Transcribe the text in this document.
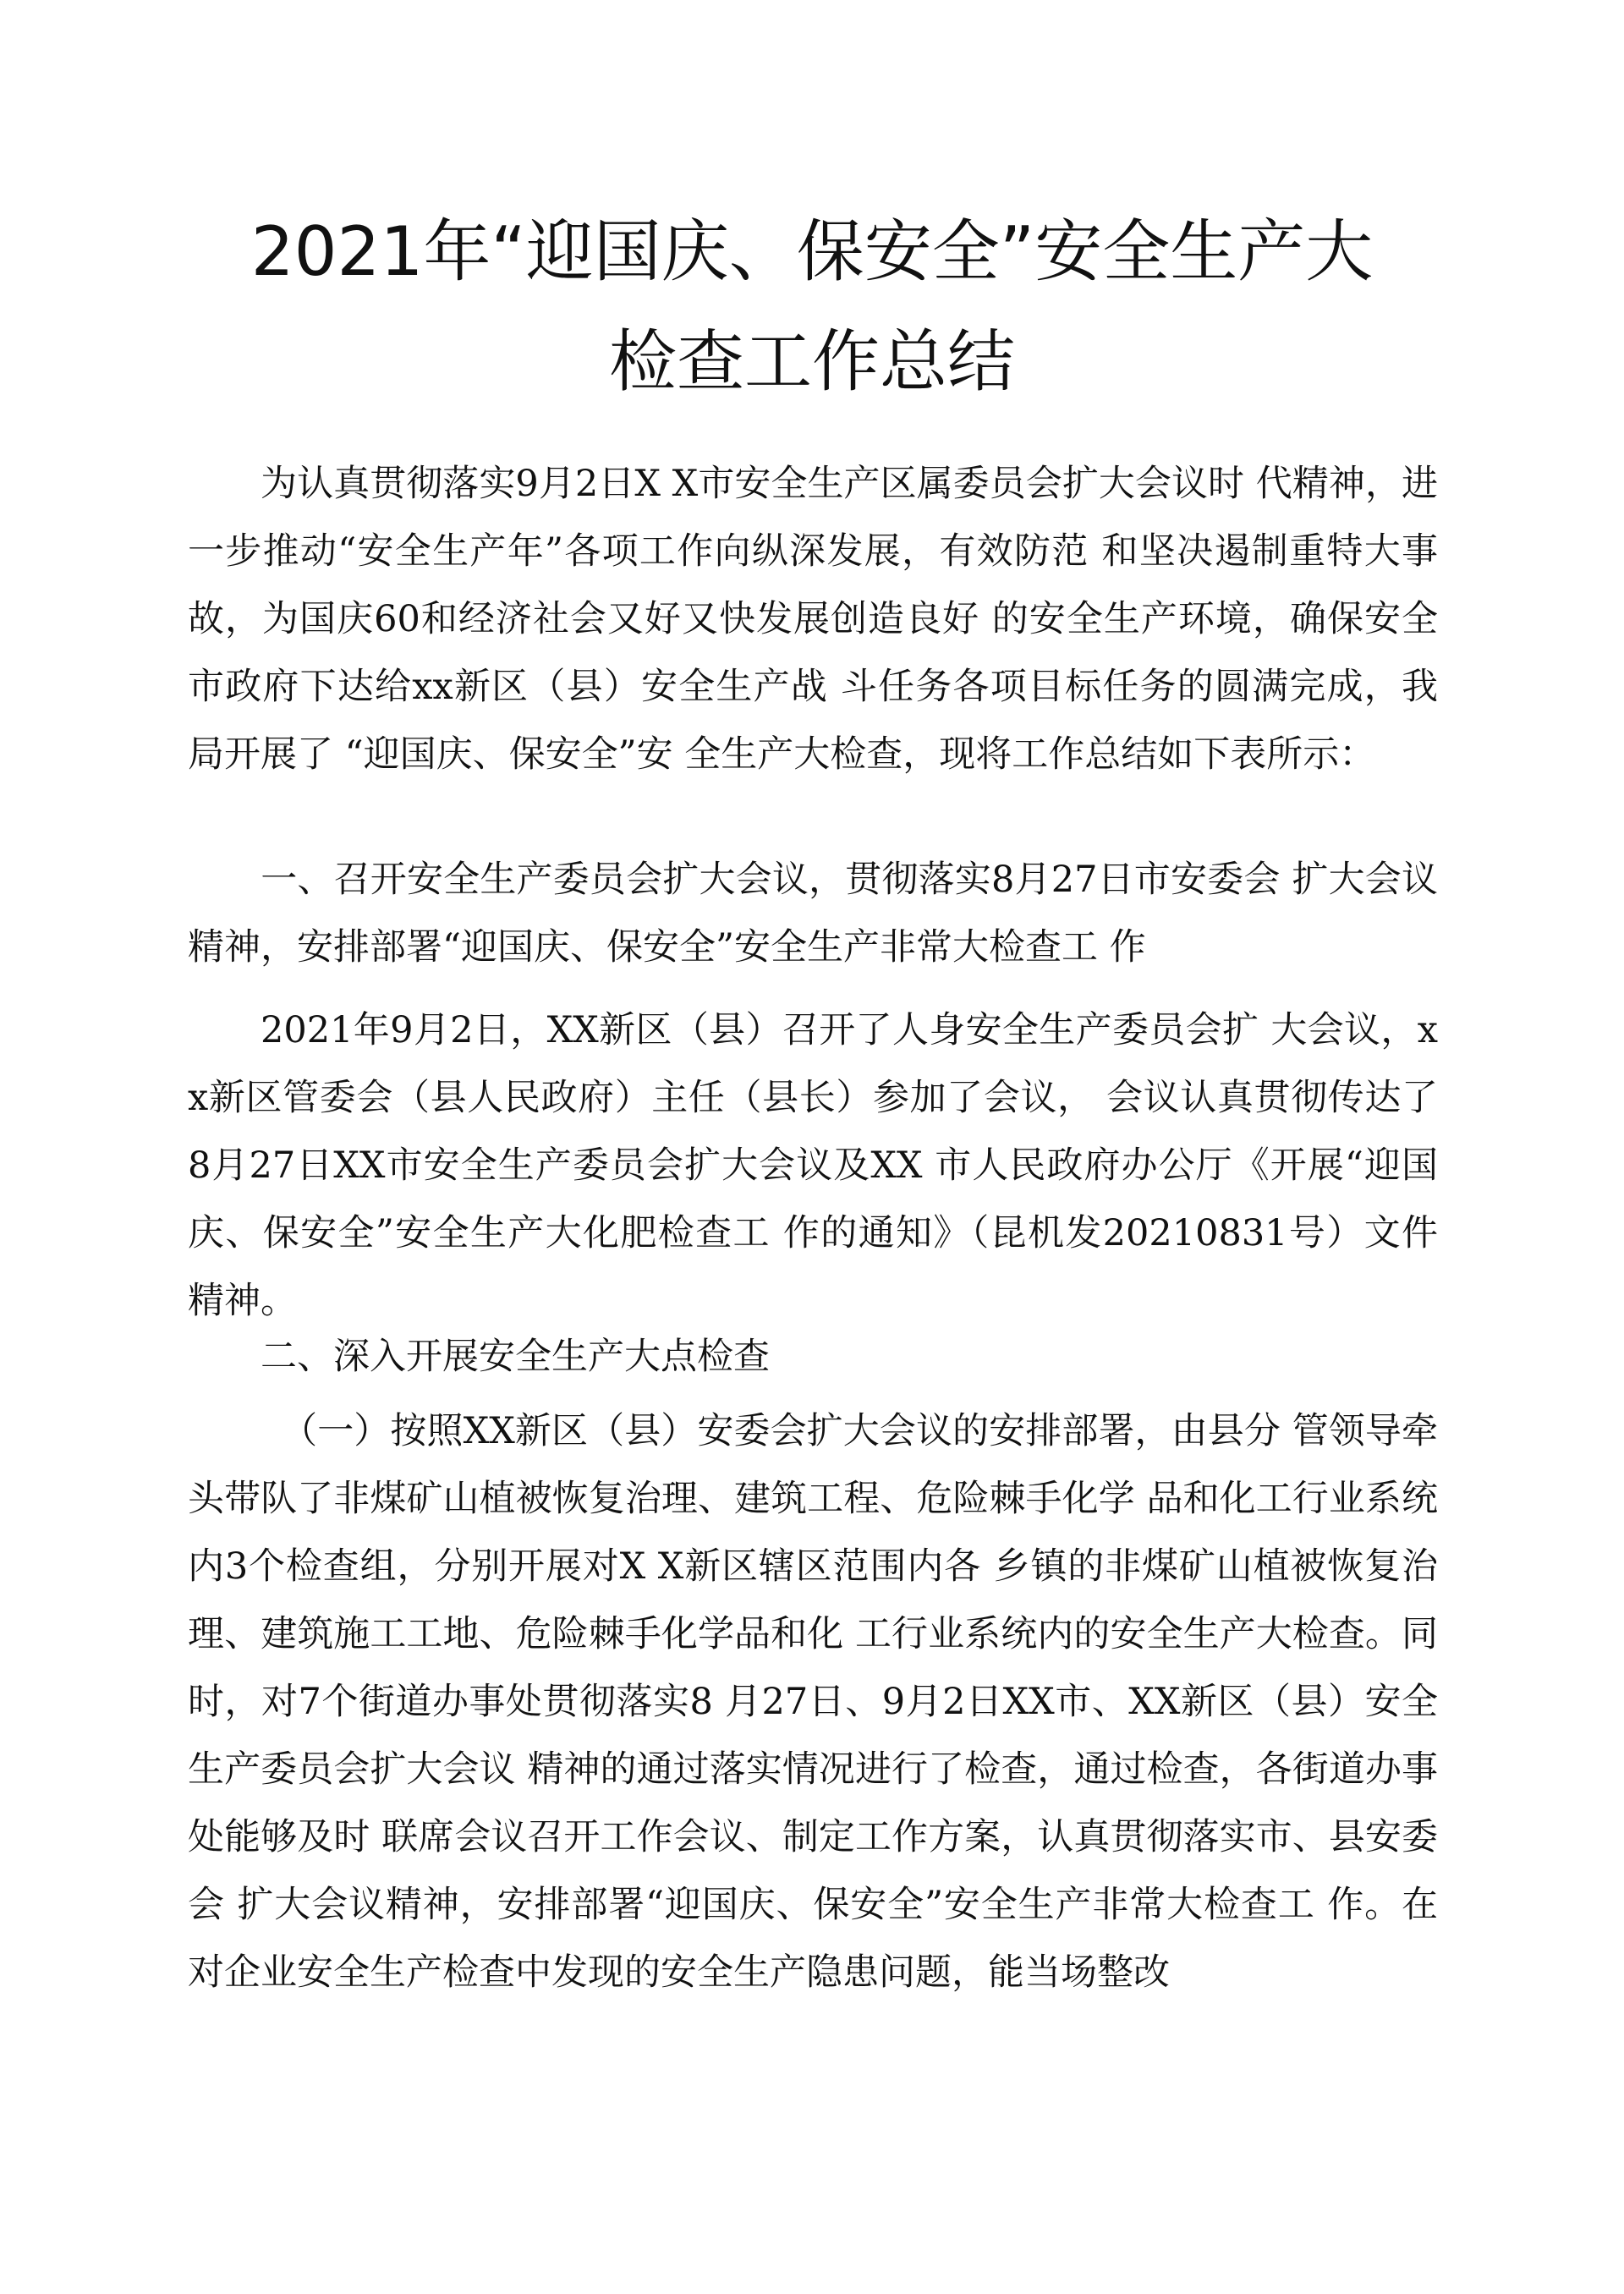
2021年“迎国庆、保安全”安全生产大
检查工作总结

为认真贯彻落实9月2日X X市安全生产区属委员会扩大会议时 代精神，进一步推动“安全生产年”各项工作向纵深发展，有效防范 和坚决遏制重特大事故，为国庆60和经济社会又好又快发展创造良好 的安全生产环境，确保安全市政府下达给xx新区（县）安全生产战 斗任务各项目标任务的圆满完成，我局开展了 “迎国庆、保安全”安 全生产大检查，现将工作总结如下表所示：

一、召开安全生产委员会扩大会议，贯彻落实8月27日市安委会 扩大会议精神，安排部署“迎国庆、保安全”安全生产非常大检查工 作

2021年9月2日，XX新区（县）召开了人身安全生产委员会扩 大会议，xx新区管委会（县人民政府）主任（县长）参加了会议， 会议认真贯彻传达了 8月27日XX市安全生产委员会扩大会议及XX 市人民政府办公厅《开展“迎国庆、保安全”安全生产大化肥检查工 作的通知》（昆机发20210831号）文件精神。

二、深入开展安全生产大点检查

（一）按照XX新区（县）安委会扩大会议的安排部署，由县分 管领导牵头带队了非煤矿山植被恢复治理、建筑工程、危险棘手化学 品和化工行业系统内3个检查组，分别开展对X X新区辖区范围内各 乡镇的非煤矿山植被恢复治理、建筑施工工地、危险棘手化学品和化 工行业系统内的安全生产大检查。同时，对7个街道办事处贯彻落实8 月27日、9月2日XX市、XX新区（县）安全生产委员会扩大会议 精神的通过落实情况进行了检查，通过检查，各街道办事处能够及时 联席会议召开工作会议、制定工作方案，认真贯彻落实市、县安委会 扩大会议精神，安排部署“迎国庆、保安全”安全生产非常大检查工 作。在对企业安全生产检查中发现的安全生产隐患问题，能当场整改
